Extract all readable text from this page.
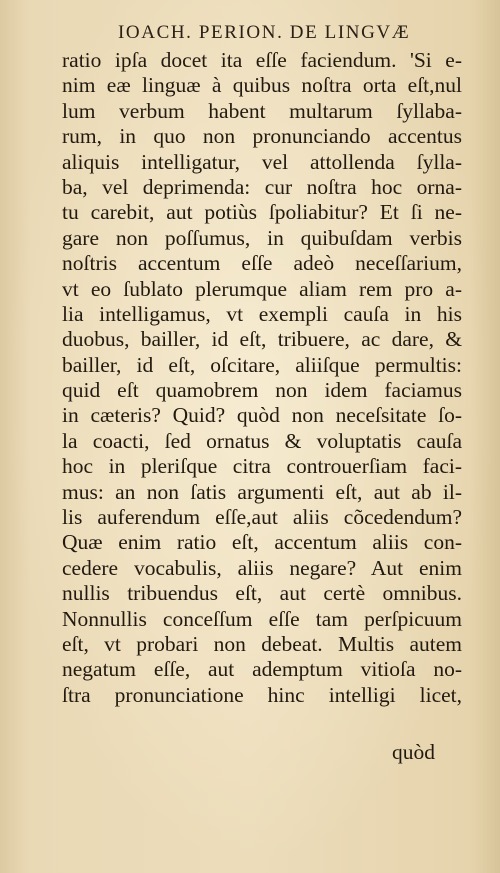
IOACH. PERION. DE LINGVÆ
ratio ipſa docet ita eſſe faciendum. 'Si e-
nim eæ linguæ à quibus noſtra orta eſt,nul
lum verbum habent multarum ſyllaba-
rum, in quo non pronunciando accentus
aliquis intelligatur, vel attollenda ſylla-
ba, vel deprimenda: cur noſtra hoc orna-
tu carebit, aut potiùs ſpoliabitur? Et ſi ne-
gare non poſſumus, in quibuſdam verbis
noſtris accentum eſſe adeò neceſſarium,
vt eo ſublato plerumque aliam rem pro a-
lia intelligamus, vt exempli cauſa in his
duobus, bailler, id eſt, tribuere, ac dare, &
bailler, id eſt, oſcitare, aliiſque permultis:
quid eſt quamobrem non idem faciamus
in cæteris? Quid? quòd non neceſsitate ſo-
la coacti, ſed ornatus & voluptatis cauſa
hoc in pleriſque citra controuerſiam faci-
mus: an non ſatis argumenti eſt, aut ab il-
lis auferendum eſſe,aut aliis cõcedendum?
Quæ enim ratio eſt, accentum aliis con-
cedere vocabulis, aliis negare? Aut enim
nullis tribuendus eſt, aut certè omnibus.
Nonnullis conceſſum eſſe tam perſpicuum
eſt, vt probari non debeat. Multis autem
negatum eſſe, aut ademptum vitioſa no-
ſtra pronunciatione hinc intelligi licet,
quòd
